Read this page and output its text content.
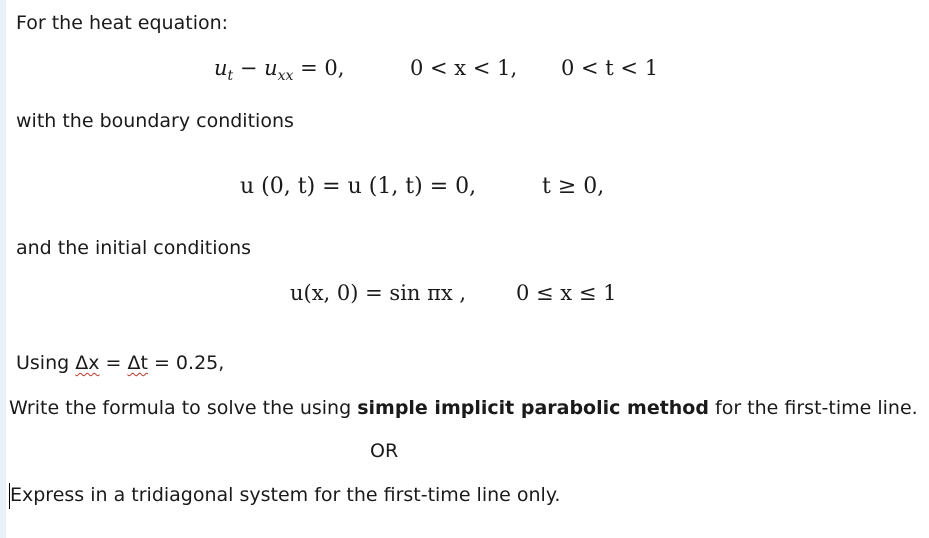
For the heat equation:
$u_t - u_{xx} = 0$,	0 < x < 1, 0 < t < 1
with the boundary conditions
u (0, t) = u (1, t) = 0,	t ≥ 0,
and the initial conditions
u(x, 0) = sin πx , 0 ≤ x ≤ 1
Using Δx = Δt = 0.25,
Write the formula to solve the using simple implicit parabolic method for the first-time line.
OR
Express in a tridiagonal system for the first-time line only.
